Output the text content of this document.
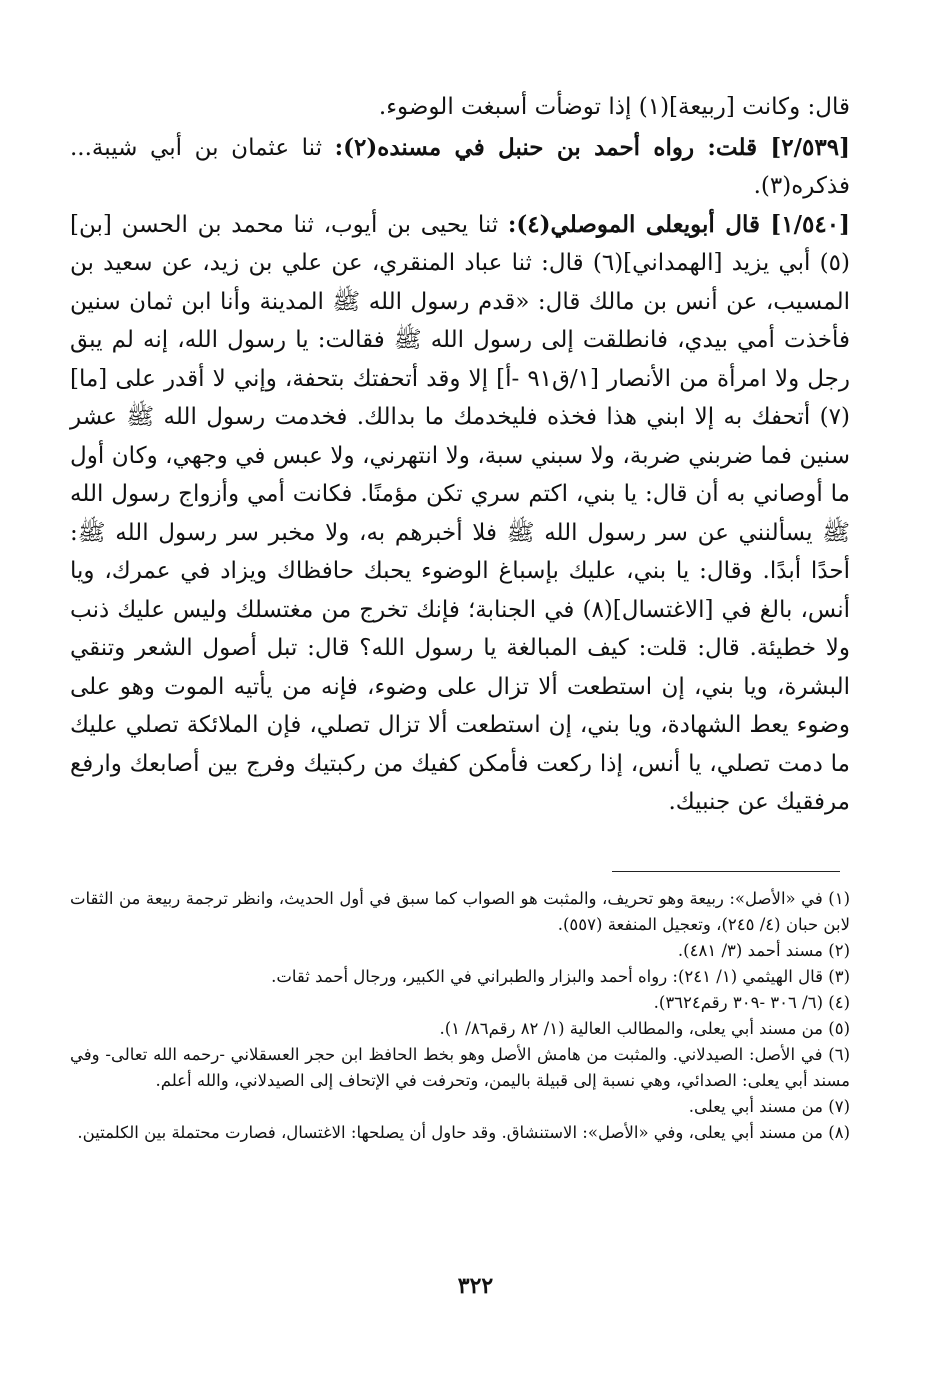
قال: وكانت [ربيعة](١) إذا توضأت أسبغت الوضوء.

[٢/٥٣٩] قلت: رواه أحمد بن حنبل في مسنده(٢): ثنا عثمان بن أبي شيبة... فذكره(٣).

[١/٥٤٠] قال أبويعلى الموصلي(٤): ثنا يحيى بن أيوب، ثنا محمد بن الحسن [بن](٥) أبي يزيد [الهمداني](٦) قال: ثنا عباد المنقري، عن علي بن زيد، عن سعيد بن المسيب، عن أنس بن مالك قال: «قدم رسول الله ﷺ المدينة وأنا ابن ثمان سنين فأخذت أمي بيدي، فانطلقت إلى رسول الله ﷺ فقالت: يا رسول الله، إنه لم يبق رجل ولا امرأة من الأنصار [١/ق٩١ -أ] إلا وقد أتحفتك بتحفة، وإني لا أقدر على [ما](٧) أتحفك به إلا ابني هذا فخذه فليخدمك ما بدالك. فخدمت رسول الله ﷺ عشر سنين فما ضربني ضربة، ولا سبني سبة، ولا انتهرني، ولا عبس في وجهي، وكان أول ما أوصاني به أن قال: يا بني، اكتم سري تكن مؤمنًا. فكانت أمي وأزواج رسول الله ﷺ يسألنني عن سر رسول الله ﷺ فلا أخبرهم به، ولا مخبر سر رسول الله ﷺ: أحدًا أبدًا. وقال: يا بني، عليك بإسباغ الوضوء يحبك حافظاك ويزاد في عمرك، ويا أنس، بالغ في [الاغتسال](٨) في الجنابة؛ فإنك تخرج من مغتسلك وليس عليك ذنب ولا خطيئة. قال: قلت: كيف المبالغة يا رسول الله؟ قال: تبل أصول الشعر وتنقي البشرة، ويا بني، إن استطعت ألا تزال على وضوء، فإنه من يأتيه الموت وهو على وضوء يعط الشهادة، ويا بني، إن استطعت ألا تزال تصلي، فإن الملائكة تصلي عليك ما دمت تصلي، يا أنس، إذا ركعت فأمكن كفيك من ركبتيك وفرج بين أصابعك وارفع مرفقيك عن جنبيك.

(١) في «الأصل»: ربيعة وهو تحريف، والمثبت هو الصواب كما سبق في أول الحديث، وانظر ترجمة ربيعة من الثقات لابن حبان (٤/ ٢٤٥)، وتعجيل المنفعة (٥٥٧).

(٢) مسند أحمد (٣/ ٤٨١).

(٣) قال الهيثمي (١/ ٢٤١): رواه أحمد والبزار والطبراني في الكبير، ورجال أحمد ثقات.

(٤) (٦/ ٣٠٦ -٣٠٩ رقم٣٦٢٤).

(٥) من مسند أبي يعلى، والمطالب العالية (١/ ٨٢ رقم٨٦/ ١).

(٦) في الأصل: الصيدلاني. والمثبت من هامش الأصل وهو بخط الحافظ ابن حجر العسقلاني -رحمه الله تعالى- وفي مسند أبي يعلى: الصدائي، وهي نسبة إلى قبيلة باليمن، وتحرفت في الإتحاف إلى الصيدلاني، والله أعلم.

(٧) من مسند أبي يعلى.

(٨) من مسند أبي يعلى، وفي «الأصل»: الاستنشاق. وقد حاول أن يصلحها: الاغتسال، فصارت محتملة بين الكلمتين.

٣٢٢
